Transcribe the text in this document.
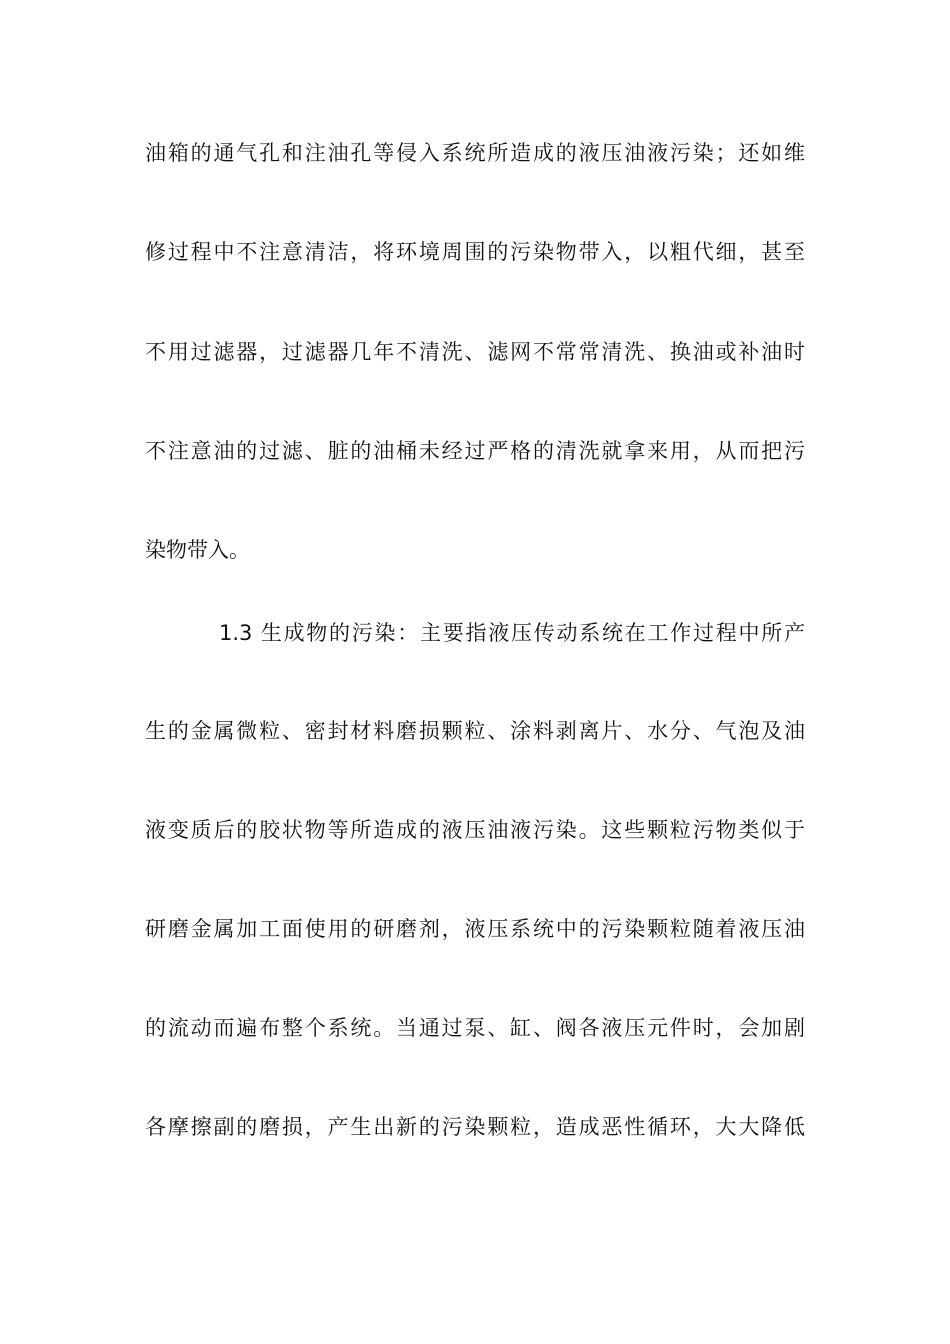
油箱的通气孔和注油孔等侵入系统所造成的液压油液污染；还如维
修过程中不注意清洁，将环境周围的污染物带入，以粗代细，甚至
不用过滤器，过滤器几年不清洗、滤网不常常清洗、换油或补油时
不注意油的过滤、脏的油桶未经过严格的清洗就拿来用，从而把污
染物带入。
1.3 生成物的污染：主要指液压传动系统在工作过程中所产
生的金属微粒、密封材料磨损颗粒、涂料剥离片、水分、气泡及油
液变质后的胶状物等所造成的液压油液污染。这些颗粒污物类似于
研磨金属加工面使用的研磨剂，液压系统中的污染颗粒随着液压油
的流动而遍布整个系统。当通过泵、缸、阀各液压元件时，会加剧
各摩擦副的磨损，产生出新的污染颗粒，造成恶性循环，大大降低
